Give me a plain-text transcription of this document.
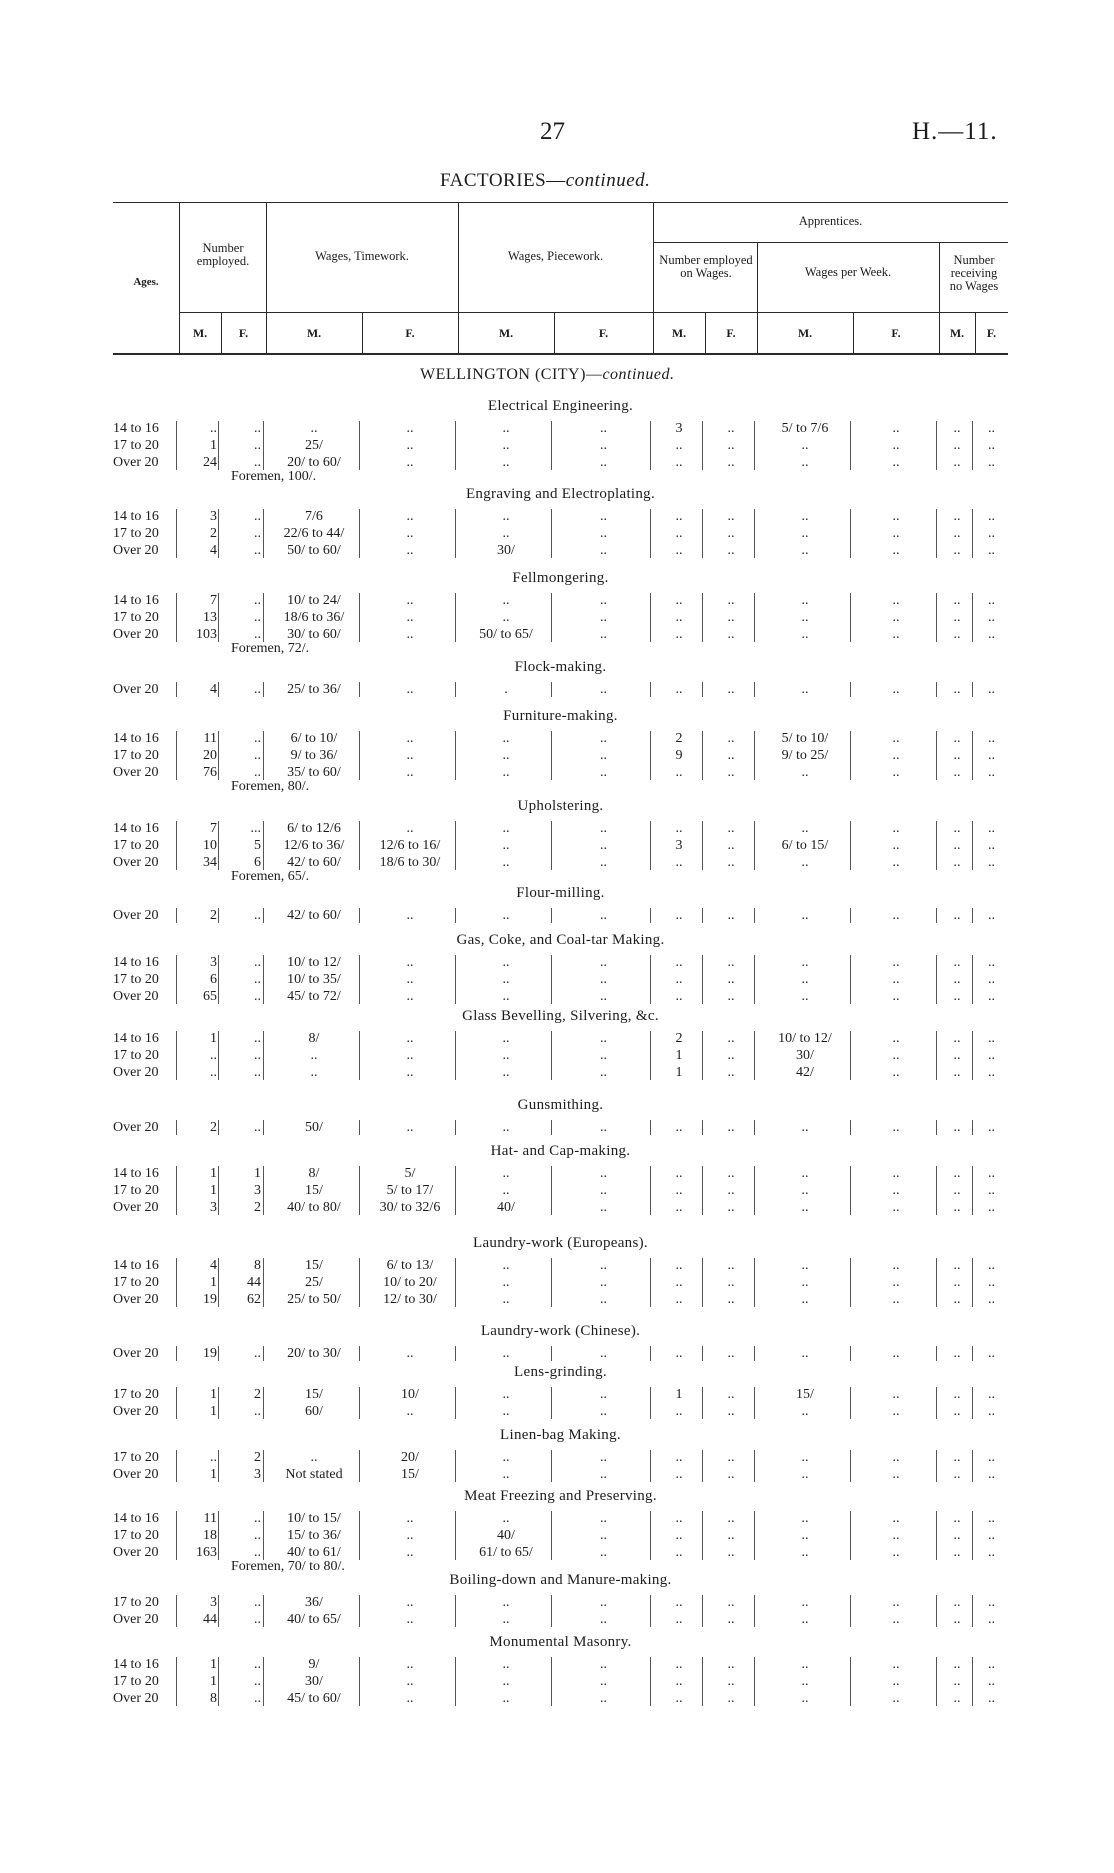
27	H.—11.
FACTORIES—continued.
Ages.
Number employed.	Wages, Timework.	Wages, Piecework.
Apprentices.
Number employed on Wages.	Wages per Week.
Number receiving no Wages
M.	F.	M.	F.	M.	F.	M.	F.	M.	F.	M.	F.
WELLINGTON (CITY)—continued.
Electrical Engineering.
14 to 16	..	..	..	..	..	..	3	..	5/ to 7/6	..	..	..
17 to 20	1	..	25/	..	..	..	..	..	..	..	..	..
Over 20	24	..	20/ to 60/	..	..	..	..	..	..	..	..	..
Foremen, 100/.
Engraving and Electroplating.
14 to 16	3	..	7/6	..	..	..	..	..	..	..	..	..
17 to 20	2	..	22/6 to 44/	..	..	..	..	..	..	..	..	..
Over 20	4	..	50/ to 60/	..	30/	..	..	..	..	..	..	..
Fellmongering.
14 to 16	7	..	10/ to 24/	..	..	..	..	..	..	..	..	..
17 to 20	13	..	18/6 to 36/	..	..	..	..	..	..	..	..	..
Over 20	103	..	30/ to 60/	..	50/ to 65/	..	..	..	..	..	..	..
Foremen, 72/.
Flock-making.
Over 20	4	..	25/ to 36/	..	.	..	..	..	..	..	..	..
Furniture-making.
14 to 16	11	..	6/ to 10/	..	..	..	2	..	5/ to 10/	..	..	..
17 to 20	20	..	9/ to 36/	..	..	..	9	..	9/ to 25/	..	..	..
Over 20	76	..	35/ to 60/	..	..	..	..	..	..	..	..	..
Foremen, 80/.
Upholstering.
14 to 16	7	...	6/ to 12/6	..	..	..	..	..	..	..	..	..
17 to 20	10	5	12/6 to 36/	12/6 to 16/	..	..	3	..	6/ to 15/	..	..	..
Over 20	34	6	42/ to 60/	18/6 to 30/	..	..	..	..	..	..	..	..
Foremen, 65/.
Flour-milling.
Over 20	2	..	42/ to 60/	..	..	..	..	..	..	..	..	..
Gas, Coke, and Coal-tar Making.
14 to 16	3	..	10/ to 12/	..	..	..	..	..	..	..	..	..
17 to 20	6	..	10/ to 35/	..	..	..	..	..	..	..	..	..
Over 20	65	..	45/ to 72/	..	..	..	..	..	..	..	..	..
Glass Bevelling, Silvering, &c.
14 to 16	1	..	8/	..	..	..	2	..	10/ to 12/	..	..	..
17 to 20	..	..	..	..	..	..	1	..	30/	..	..	..
Over 20	..	..	..	..	..	..	1	..	42/	..	..	..
Gunsmithing.
Over 20	2	..	50/	..	..	..	..	..	..	..	..	..
Hat- and Cap-making.
14 to 16	1	1	8/	5/	..	..	..	..	..	..	..	..
17 to 20	1	3	15/	5/ to 17/	..	..	..	..	..	..	..	..
Over 20	3	2	40/ to 80/	30/ to 32/6	40/	..	..	..	..	..	..	..
Laundry-work (Europeans).
14 to 16	4	8	15/	6/ to 13/	..	..	..	..	..	..	..	..
17 to 20	1	44	25/	10/ to 20/	..	..	..	..	..	..	..	..
Over 20	19	62	25/ to 50/	12/ to 30/	..	..	..	..	..	..	..	..
Laundry-work (Chinese).
Over 20	19	..	20/ to 30/	..	..	..	..	..	..	..	..	..
Lens-grinding.
17 to 20	1	2	15/	10/	..	..	1	..	15/	..	..	..
Over 20	1	..	60/	..	..	..	..	..	..	..	..	..
Linen-bag Making.
17 to 20	..	2	..	20/	..	..	..	..	..	..	..	..
Over 20	1	3	Not stated	15/	..	..	..	..	..	..	..	..
Meat Freezing and Preserving.
14 to 16	11	..	10/ to 15/	..	..	..	..	..	..	..	..	..
17 to 20	18	..	15/ to 36/	..	40/	..	..	..	..	..	..	..
Over 20	163	..	40/ to 61/	..	61/ to 65/	..	..	..	..	..	..	..
Foremen, 70/ to 80/.
Boiling-down and Manure-making.
17 to 20	3	..	36/	..	..	..	..	..	..	..	..	..
Over 20	44	..	40/ to 65/	..	..	..	..	..	..	..	..	..
Monumental Masonry.
14 to 16	1	..	9/	..	..	..	..	..	..	..	..	..
17 to 20	1	..	30/	..	..	..	..	..	..	..	..	..
Over 20	8	..	45/ to 60/	..	..	..	..	..	..	..	..	..
